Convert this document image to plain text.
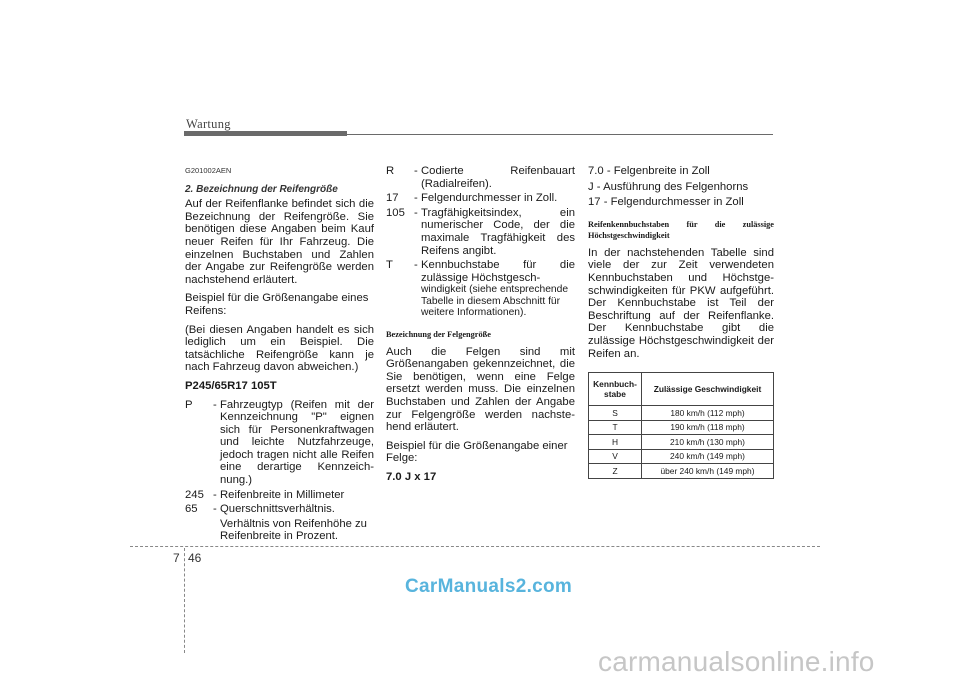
Wartung

G201002AEN

2. Bezeichnung der Reifengröße

Auf der Reifenflanke befindet sich die Bezeichnung der Reifengröße. Sie benötigen diese Angaben beim Kauf neuer Reifen für Ihr Fahrzeug. Die einzelnen Buchstaben und Zahlen der Angabe zur Reifengröße werden nachstehend erläutert.

Beispiel für die Größenangabe eines Reifens:

(Bei diesen Angaben handelt es sich lediglich um ein Beispiel. Die tatsächliche Reifengröße kann je nach Fahrzeug davon abweichen.)

P245/65R17 105T

P	- Fahrzeugtyp (Reifen mit der Kennzeichnung "P" eignen sich für Personenkraftwagen und leichte Nutzfahrzeuge, jedoch tragen nicht alle Reifen eine derartige Kennzeich-nung.)
245 - Reifenbreite in Millimeter
65	- Querschnittsverhältnis.

Verhältnis von Reifenhöhe zu Reifenbreite in Prozent.

R	- Codierte Reifenbauart (Radialreifen).
17	- Felgendurchmesser in Zoll.
105 - Tragfähigkeitsindex, ein numerischer Code, der die maximale Tragfähigkeit des Reifens angibt.
T	- Kennbuchstabe für die zulässige Höchstgesch-

windigkeit (siehe entsprechende Tabelle in diesem Abschnitt für weitere Informationen).

Bezeichnung der Felgengröße

Auch die Felgen sind mit Größenangaben gekennzeichnet, die Sie benötigen, wenn eine Felge ersetzt werden muss. Die einzelnen Buchstaben und Zahlen der Angabe zur Felgengröße werden nachste-hend erläutert.

Beispiel für die Größenangabe einer Felge:

7.0 J x 17

7.0 - Felgenbreite in Zoll

J - Ausführung des Felgenhorns

17 - Felgendurchmesser in Zoll

Reifenkennbuchstaben für die zulässige Höchstgeschwindigkeit

In der nachstehenden Tabelle sind viele der zur Zeit verwendeten Kennbuchstaben und Höchstge-schwindigkeiten für PKW aufgeführt. Der Kennbuchstabe ist Teil der Beschriftung auf der Reifenflanke. Der Kennbuchstabe gibt die zulässige Höchstgeschwindigkeit der Reifen an.

Kennbuch-stabe	Zulässige Geschwindigkeit
S	180 km/h (112 mph)
T	190 km/h (118 mph)
H	210 km/h (130 mph)
V	240 km/h (149 mph)
Z	über 240 km/h (149 mph)
7 46
CarManuals2.com
carmanualsonline.info
